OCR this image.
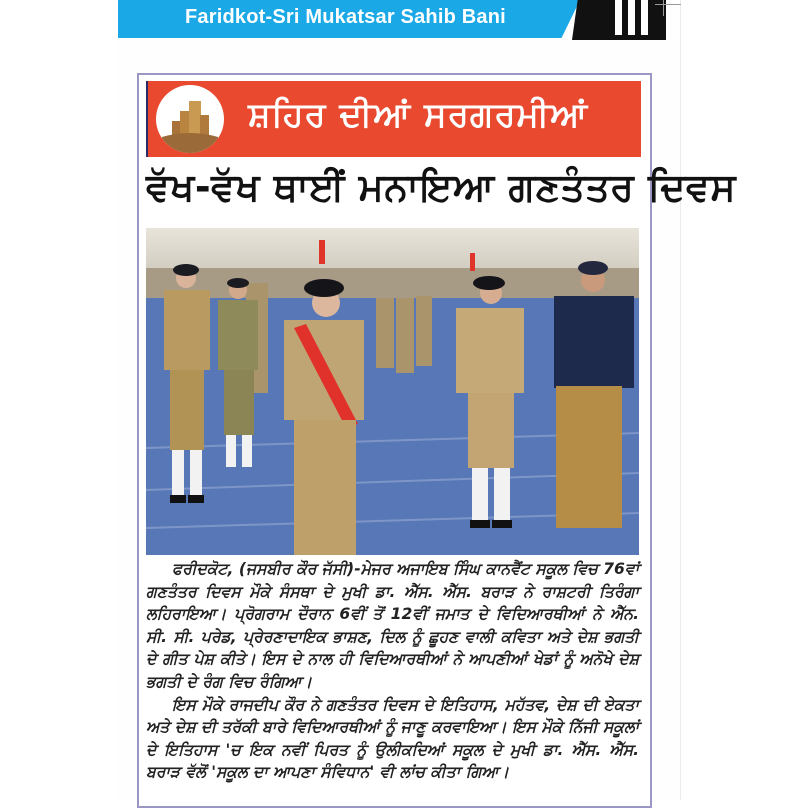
Faridkot-Sri Mukatsar Sahib Bani
ਸ਼ਹਿਰ ਦੀਆਂ ਸਰਗਰਮੀਆਂ
ਵੱਖ-ਵੱਖ ਥਾਈਂ ਮਨਾਇਆ ਗਣਤੰਤਰ ਦਿਵਸ

ਫਰੀਦਕੋਟ, (ਜਸਬੀਰ ਕੌਰ ਜੱਸੀ)-ਮੇਜਰ ਅਜਾਇਬ ਸਿੰਘ ਕਾਨਵੈਂਟ ਸਕੂਲ ਵਿਚ 76ਵਾਂ ਗਣਤੰਤਰ ਦਿਵਸ ਮੌਕੇ ਸੰਸਥਾ ਦੇ ਮੁਖੀ ਡਾ. ਐੱਸ. ਐੱਸ. ਬਰਾੜ ਨੇ ਰਾਸ਼ਟਰੀ ਤਿਰੰਗਾ ਲਹਿਰਾਇਆ। ਪ੍ਰੋਗਰਾਮ ਦੌਰਾਨ 6ਵੀਂ ਤੋਂ 12ਵੀਂ ਜਮਾਤ ਦੇ ਵਿਦਿਆਰਥੀਆਂ ਨੇ ਐੱਨ. ਸੀ. ਸੀ. ਪਰੇਡ, ਪ੍ਰੇਰਣਾਦਾਇਕ ਭਾਸ਼ਣ, ਦਿਲ ਨੂੰ ਛੂਹਣ ਵਾਲੀ ਕਵਿਤਾ ਅਤੇ ਦੇਸ਼ ਭਗਤੀ ਦੇ ਗੀਤ ਪੇਸ਼ ਕੀਤੇ। ਇਸ ਦੇ ਨਾਲ ਹੀ ਵਿਦਿਆਰਥੀਆਂ ਨੇ ਆਪਣੀਆਂ ਖੇਡਾਂ ਨੂੰ ਅਨੋਖੇ ਦੇਸ਼ ਭਗਤੀ ਦੇ ਰੰਗ ਵਿਚ ਰੰਗਿਆ।

ਇਸ ਮੌਕੇ ਰਾਜਦੀਪ ਕੌਰ ਨੇ ਗਣਤੰਤਰ ਦਿਵਸ ਦੇ ਇਤਿਹਾਸ, ਮਹੱਤਵ, ਦੇਸ਼ ਦੀ ਏਕਤਾ ਅਤੇ ਦੇਸ਼ ਦੀ ਤਰੱਕੀ ਬਾਰੇ ਵਿਦਿਆਰਥੀਆਂ ਨੂੰ ਜਾਣੂ ਕਰਵਾਇਆ। ਇਸ ਮੌਕੇ ਨਿੱਜੀ ਸਕੂਲਾਂ ਦੇ ਇਤਿਹਾਸ 'ਚ ਇਕ ਨਵੀਂ ਪਿਰਤ ਨੂੰ ਉਲੀਕਦਿਆਂ ਸਕੂਲ ਦੇ ਮੁਖੀ ਡਾ. ਐੱਸ. ਐੱਸ. ਬਰਾੜ ਵੱਲੋਂ 'ਸਕੂਲ ਦਾ ਆਪਣਾ ਸੰਵਿਧਾਨ' ਵੀ ਲਾਂਚ ਕੀਤਾ ਗਿਆ।
